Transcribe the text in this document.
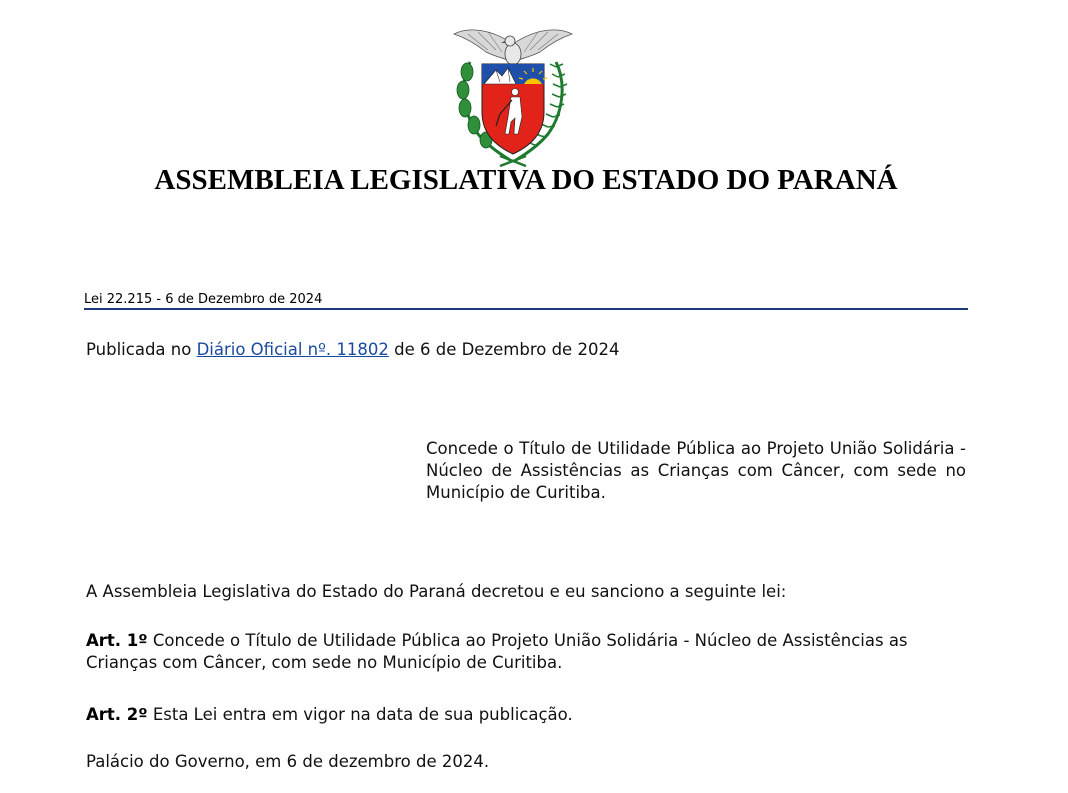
ASSEMBLEIA LEGISLATIVA DO ESTADO DO PARANÁ
Lei 22.215 - 6 de Dezembro de 2024
Publicada no Diário Oficial nº. 11802 de 6 de Dezembro de 2024
Concede o Título de Utilidade Pública ao Projeto União Solidária - Núcleo de Assistências as Crianças com Câncer, com sede no Município de Curitiba.
A Assembleia Legislativa do Estado do Paraná decretou e eu sanciono a seguinte lei:
Art. 1º Concede o Título de Utilidade Pública ao Projeto União Solidária - Núcleo de Assistências as Crianças com Câncer, com sede no Município de Curitiba.
Art. 2º Esta Lei entra em vigor na data de sua publicação.
Palácio do Governo, em 6 de dezembro de 2024.
